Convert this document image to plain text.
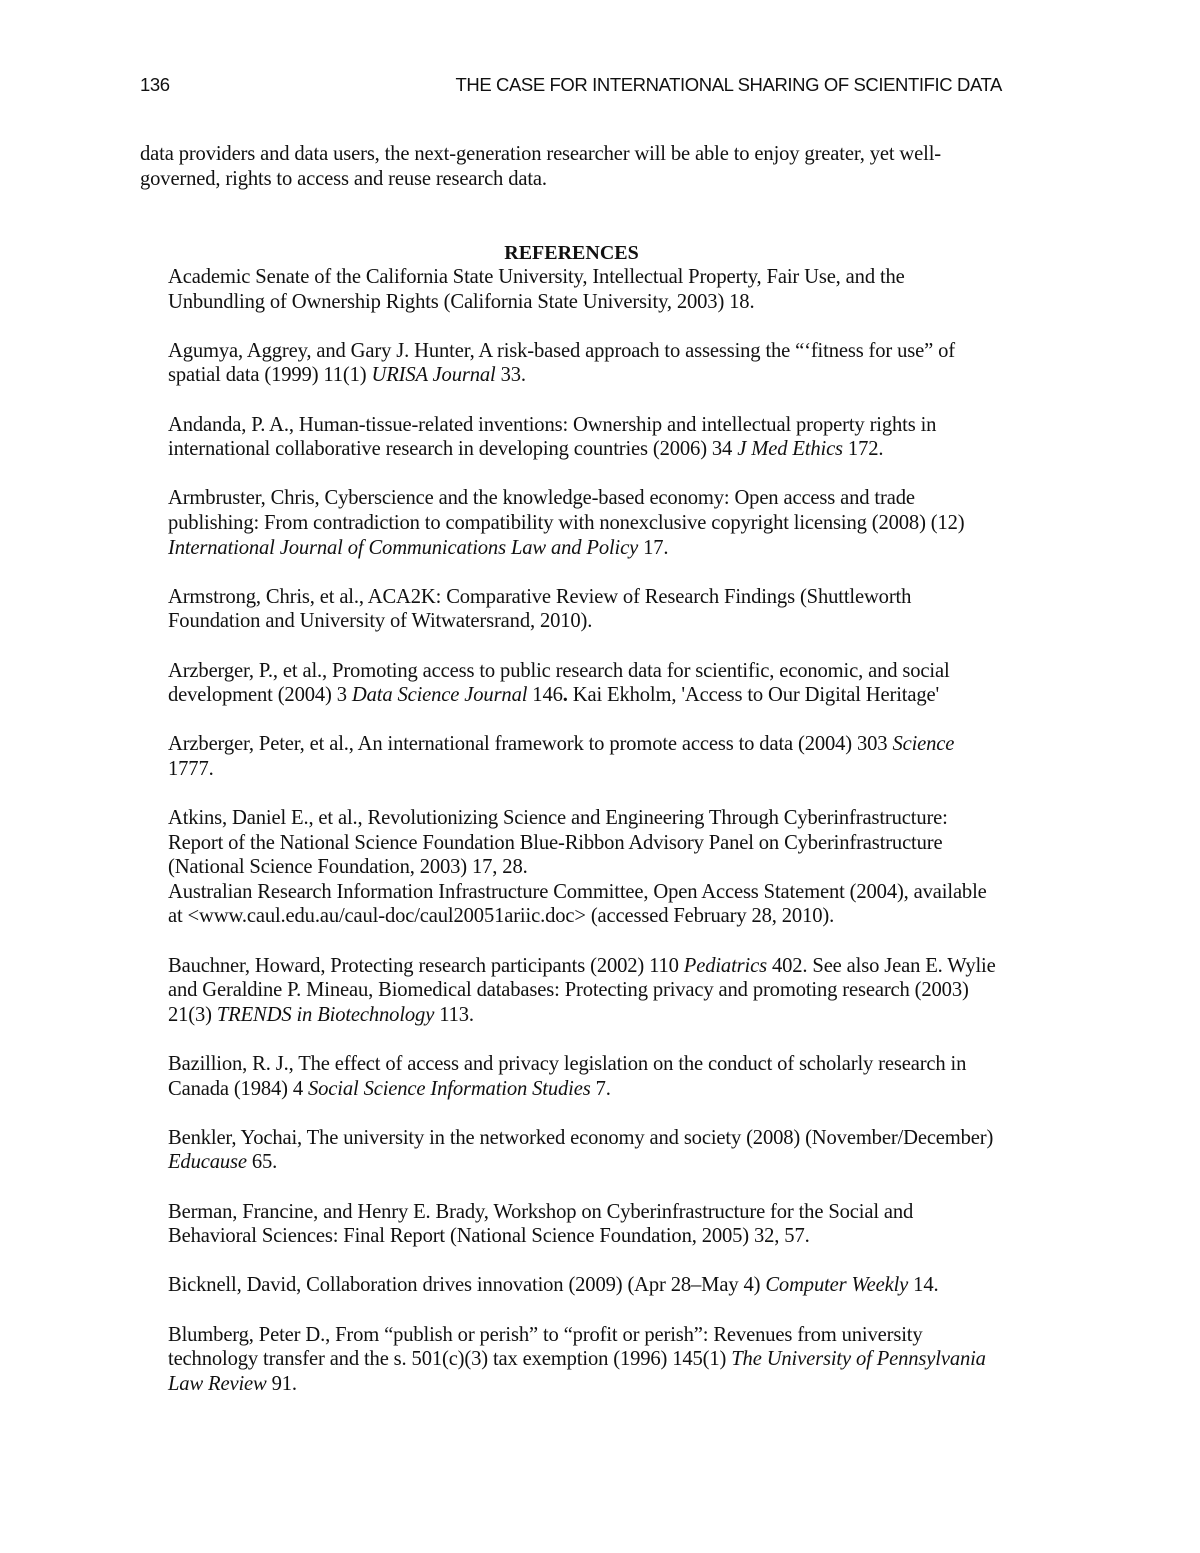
136	THE CASE FOR INTERNATIONAL SHARING OF SCIENTIFIC DATA
data providers and data users, the next-generation researcher will be able to enjoy greater, yet well-
governed, rights to access and reuse research data.
REFERENCES
Academic Senate of the California State University, Intellectual Property, Fair Use, and the
Unbundling of Ownership Rights (California State University, 2003) 18.
Agumya, Aggrey, and Gary J. Hunter, A risk-based approach to assessing the “‘fitness for use” of
spatial data (1999) 11(1) URISA Journal 33.
Andanda, P. A., Human-tissue-related inventions: Ownership and intellectual property rights in
international collaborative research in developing countries (2006) 34 J Med Ethics 172.
Armbruster, Chris, Cyberscience and the knowledge-based economy: Open access and trade
publishing: From contradiction to compatibility with nonexclusive copyright licensing (2008) (12)
International Journal of Communications Law and Policy 17.
Armstrong, Chris, et al., ACA2K: Comparative Review of Research Findings (Shuttleworth
Foundation and University of Witwatersrand, 2010).
Arzberger, P., et al., Promoting access to public research data for scientific, economic, and social
development (2004) 3 Data Science Journal 146. Kai Ekholm, 'Access to Our Digital Heritage'
Arzberger, Peter, et al., An international framework to promote access to data (2004) 303 Science
1777.
Atkins, Daniel E., et al., Revolutionizing Science and Engineering Through Cyberinfrastructure:
Report of the National Science Foundation Blue-Ribbon Advisory Panel on Cyberinfrastructure
(National Science Foundation, 2003) 17, 28.
Australian Research Information Infrastructure Committee, Open Access Statement (2004), available
at <www.caul.edu.au/caul-doc/caul20051ariic.doc> (accessed February 28, 2010).
Bauchner, Howard, Protecting research participants (2002) 110 Pediatrics 402. See also Jean E. Wylie
and Geraldine P. Mineau, Biomedical databases: Protecting privacy and promoting research (2003)
21(3) TRENDS in Biotechnology 113.
Bazillion, R. J., The effect of access and privacy legislation on the conduct of scholarly research in
Canada (1984) 4 Social Science Information Studies 7.
Benkler, Yochai, The university in the networked economy and society (2008) (November/December)
Educause 65.
Berman, Francine, and Henry E. Brady, Workshop on Cyberinfrastructure for the Social and
Behavioral Sciences: Final Report (National Science Foundation, 2005) 32, 57.
Bicknell, David, Collaboration drives innovation (2009) (Apr 28–May 4) Computer Weekly 14.
Blumberg, Peter D., From “publish or perish” to “profit or perish”: Revenues from university
technology transfer and the s. 501(c)(3) tax exemption (1996) 145(1) The University of Pennsylvania
Law Review 91.
